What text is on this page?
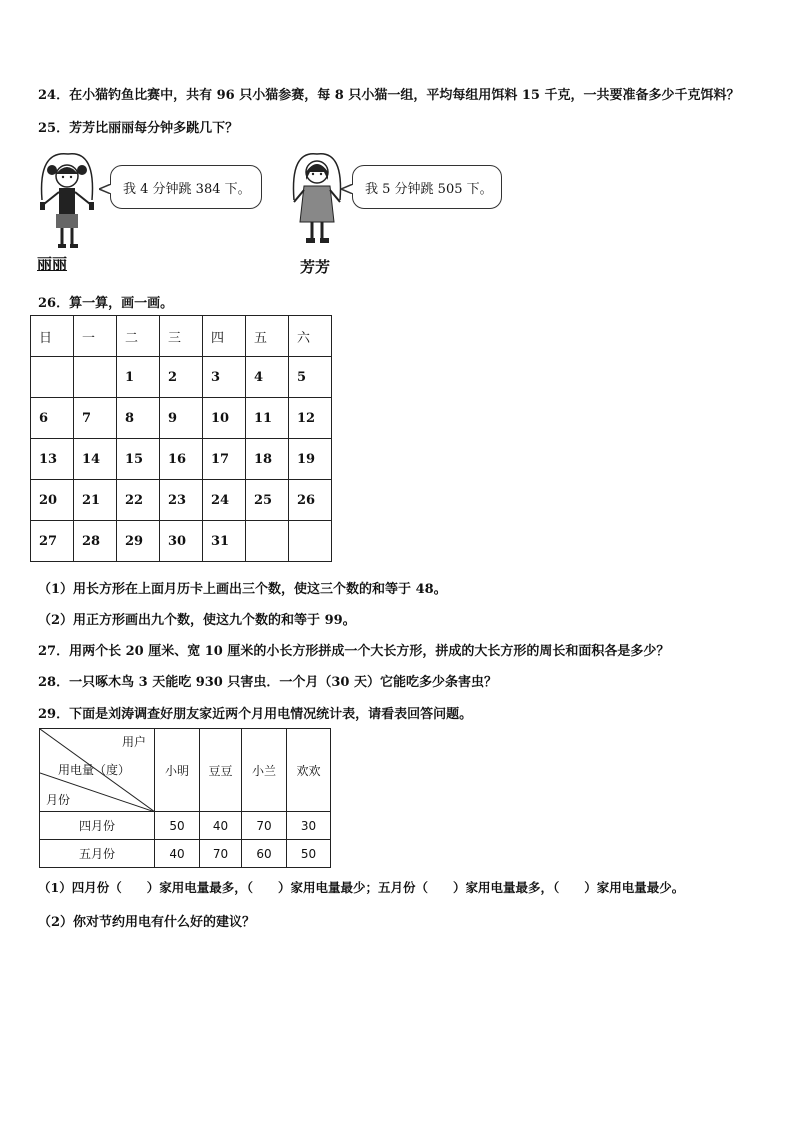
24．在小猫钓鱼比赛中，共有 96 只小猫参赛，每 8 只小猫一组，平均每组用饵料 15 千克，一共要准备多少千克饵料？
25．芳芳比丽丽每分钟多跳几下？
丽丽
我 4 分钟跳 384 下。
芳芳
我 5 分钟跳 505 下。
26．算一算，画一画。
日	一	二	三	四	五	六
		1	2	3	4	5
6	7	8	9	10	11	12
13	14	15	16	17	18	19
20	21	22	23	24	25	26
27	28	29	30	31		
（1）用长方形在上面月历卡上画出三个数，使这三个数的和等于 48。
（2）用正方形画出九个数，使这九个数的和等于 99。
27．用两个长 20 厘米、宽 10 厘米的小长方形拼成一个大长方形，拼成的大长方形的周长和面积各是多少？
28．一只啄木鸟 3 天能吃 930 只害虫．一个月（30 天）它能吃多少条害虫？
29．下面是刘涛调查好朋友家近两个月用电情况统计表，请看表回答问题。
用户
用电量（度）
月份	小明	豆豆	小兰	欢欢
四月份	50	40	70	30
五月份	40	70	60	50
（1）四月份（　　）家用电量最多，（　　）家用电量最少；五月份（　　）家用电量最多，（　　）家用电量最少。
（2）你对节约用电有什么好的建议？
